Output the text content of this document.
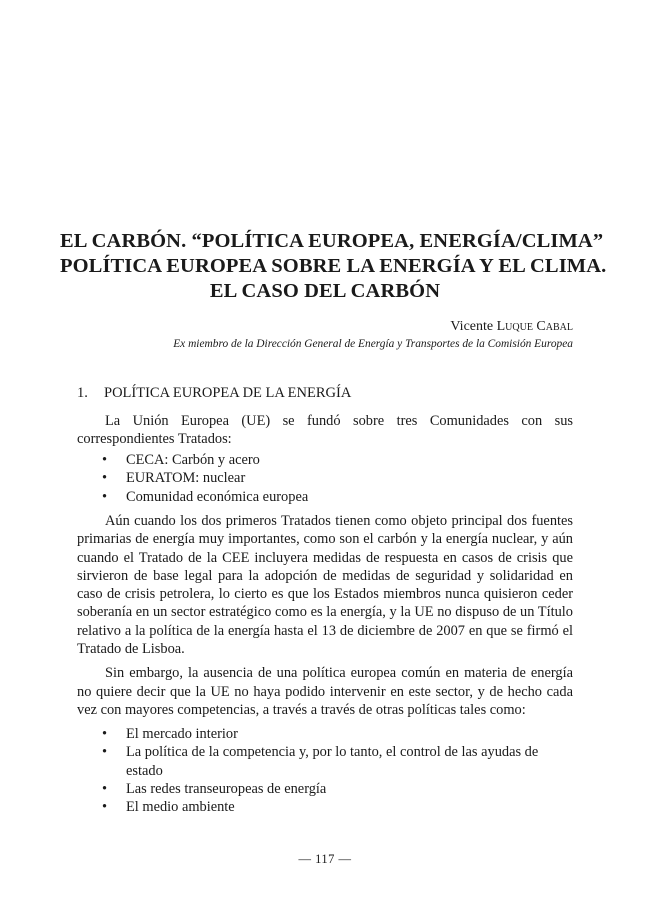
EL CARBÓN. “POLÍTICA EUROPEA, ENERGÍA/CLIMA”
POLÍTICA EUROPEA SOBRE LA ENERGÍA Y EL CLIMA.
EL CASO DEL CARBÓN
Vicente Luque Cabal
Ex miembro de la Dirección General de Energía y Transportes de la Comisión Europea
1. POLÍTICA EUROPEA DE LA ENERGÍA

La Unión Europea (UE) se fundó sobre tres Comunidades con sus correspondientes Tratados:

• CECA: Carbón y acero
• EURATOM: nuclear
• Comunidad económica europea

Aún cuando los dos primeros Tratados tienen como objeto principal dos fuentes primarias de energía muy importantes, como son el carbón y la energía nuclear, y aún cuando el Tratado de la CEE incluyera medidas de respuesta en casos de crisis que sirvieron de base legal para la adopción de medidas de seguridad y solidaridad en caso de crisis petrolera, lo cierto es que los Estados miembros nunca quisieron ceder soberanía en un sector estratégico como es la energía, y la UE no dispuso de un Título relativo a la política de la energía hasta el 13 de diciembre de 2007 en que se firmó el Tratado de Lisboa.

Sin embargo, la ausencia de una política europea común en materia de energía no quiere decir que la UE no haya podido intervenir en este sector, y de hecho cada vez con mayores competencias, a través a través de otras políticas tales como:

• El mercado interior
• La política de la competencia y, por lo tanto, el control de las ayudas de estado
• Las redes transeuropeas de energía
• El medio ambiente
— 117 —
